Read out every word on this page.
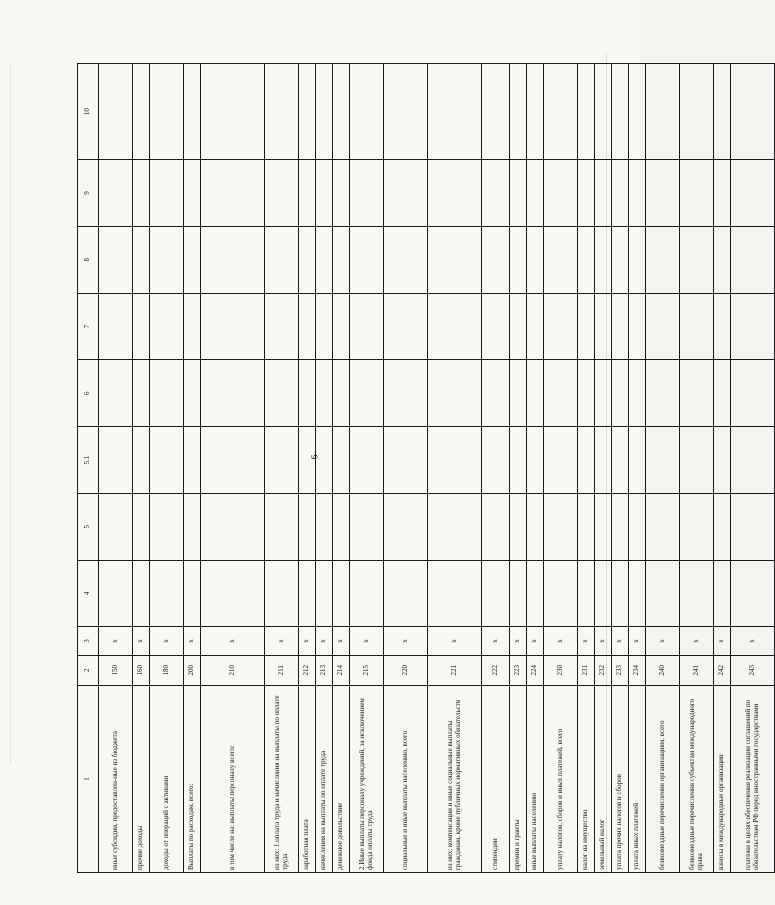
6
1	2	3	4	5	5.1	6	7	8	9	10
иные субсидии, предоставлен-ные из бюджета	150	x								
прочие доходы	160	x								
доходы от операций с активами	180	x								
Выплаты по расходам, всего:	200	x								
в том числе на: выплаты персоналу всего:	210	x								
из них: 1.оплата труда и начисления на выплаты по оплате труда	211	x								
заработная плата	212	x								
начисления на выплаты по оплате труда	213	x								
денежное довольствие	214	x								
2.Иные выплаты персоналу учреждений, за исключением фонда оплаты труда	215	x								
социальные и иные выплаты населению, всего	220	x								
из них: компенсации и иные социальные выплаты гражданам, кроме публичных нормативных обязательств	221	x								
стипендии	222	x								
премии и гранты	223	x								
иные выплаты населению	224	x								
уплату налогов, сборов и иных платежей, всего	230	x								
налог на имущество	231	x								
земельный налог	232	x								
уплата прочих налогов и сборов	233	x								
уплата иных платежей	234	x								
безвозмездные перечисления организациям, всего	240	x								
безвозмездные перечисления субъектам международного права	241	x								
взносы в международные организации	242	x								
платежи в целях обеспечения реализации соглашений по обязательствам РФ перед иностранными государствами	243	x								
